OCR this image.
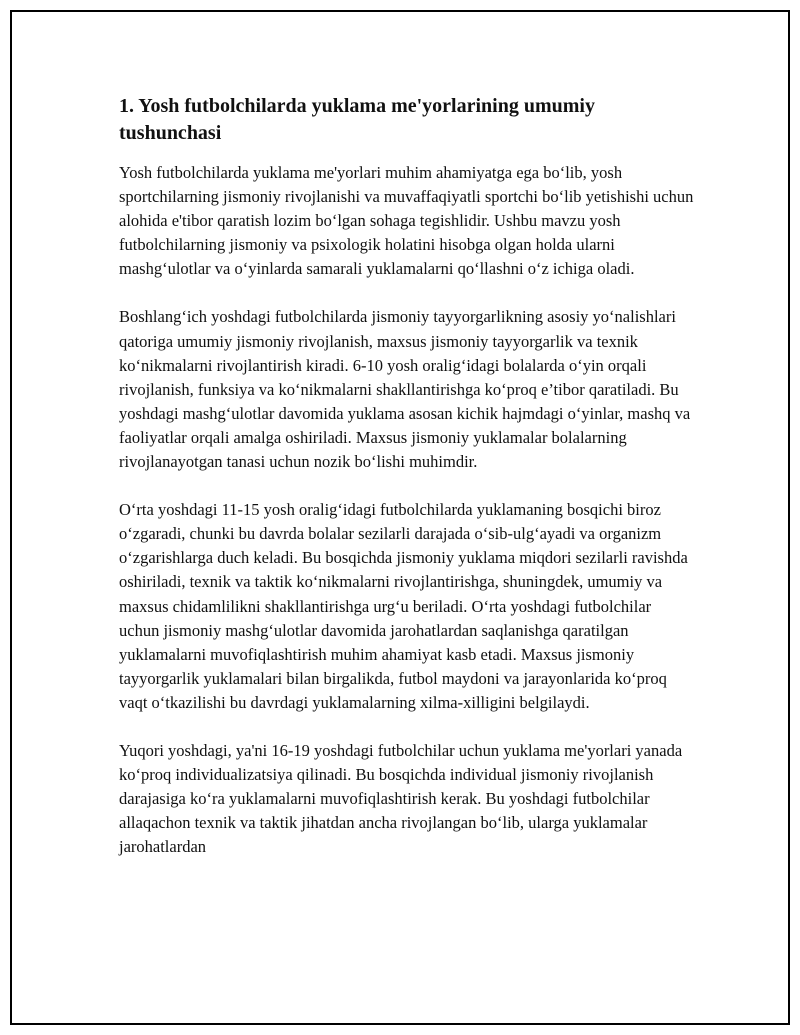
1. Yosh futbolchilarda yuklama me'yorlarining umumiy tushunchasi

Yosh futbolchilarda yuklama me'yorlari muhim ahamiyatga ega bo‘lib, yosh sportchilarning jismoniy rivojlanishi va muvaffaqiyatli sportchi bo‘lib yetishishi uchun alohida e'tibor qaratish lozim bo‘lgan sohaga tegishlidir. Ushbu mavzu yosh futbolchilarning jismoniy va psixologik holatini hisobga olgan holda ularni mashg‘ulotlar va o‘yinlarda samarali yuklamalarni qo‘llashni o‘z ichiga oladi.

Boshlang‘ich yoshdagi futbolchilarda jismoniy tayyorgarlikning asosiy yo‘nalishlari qatoriga umumiy jismoniy rivojlanish, maxsus jismoniy tayyorgarlik va texnik ko‘nikmalarni rivojlantirish kiradi. 6-10 yosh oralig‘idagi bolalarda o‘yin orqali rivojlanish, funksiya va ko‘nikmalarni shakllantirishga ko‘proq e’tibor qaratiladi. Bu yoshdagi mashg‘ulotlar davomida yuklama asosan kichik hajmdagi o‘yinlar, mashq va faoliyatlar orqali amalga oshiriladi. Maxsus jismoniy yuklamalar bolalarning rivojlanayotgan tanasi uchun nozik bo‘lishi muhimdir.

O‘rta yoshdagi 11-15 yosh oralig‘idagi futbolchilarda yuklamaning bosqichi biroz o‘zgaradi, chunki bu davrda bolalar sezilarli darajada o‘sib-ulg‘ayadi va organizm o‘zgarishlarga duch keladi. Bu bosqichda jismoniy yuklama miqdori sezilarli ravishda oshiriladi, texnik va taktik ko‘nikmalarni rivojlantirishga, shuningdek, umumiy va maxsus chidamlilikni shakllantirishga urg‘u beriladi. O‘rta yoshdagi futbolchilar uchun jismoniy mashg‘ulotlar davomida jarohatlardan saqlanishga qaratilgan yuklamalarni muvofiqlashtirish muhim ahamiyat kasb etadi. Maxsus jismoniy tayyorgarlik yuklamalari bilan birgalikda, futbol maydoni va jarayonlarida ko‘proq vaqt o‘tkazilishi bu davrdagi yuklamalarning xilma-xilligini belgilaydi.

Yuqori yoshdagi, ya'ni 16-19 yoshdagi futbolchilar uchun yuklama me'yorlari yanada ko‘proq individualizatsiya qilinadi. Bu bosqichda individual jismoniy rivojlanish darajasiga ko‘ra yuklamalarni muvofiqlashtirish kerak. Bu yoshdagi futbolchilar allaqachon texnik va taktik jihatdan ancha rivojlangan bo‘lib, ularga yuklamalar jarohatlardan
